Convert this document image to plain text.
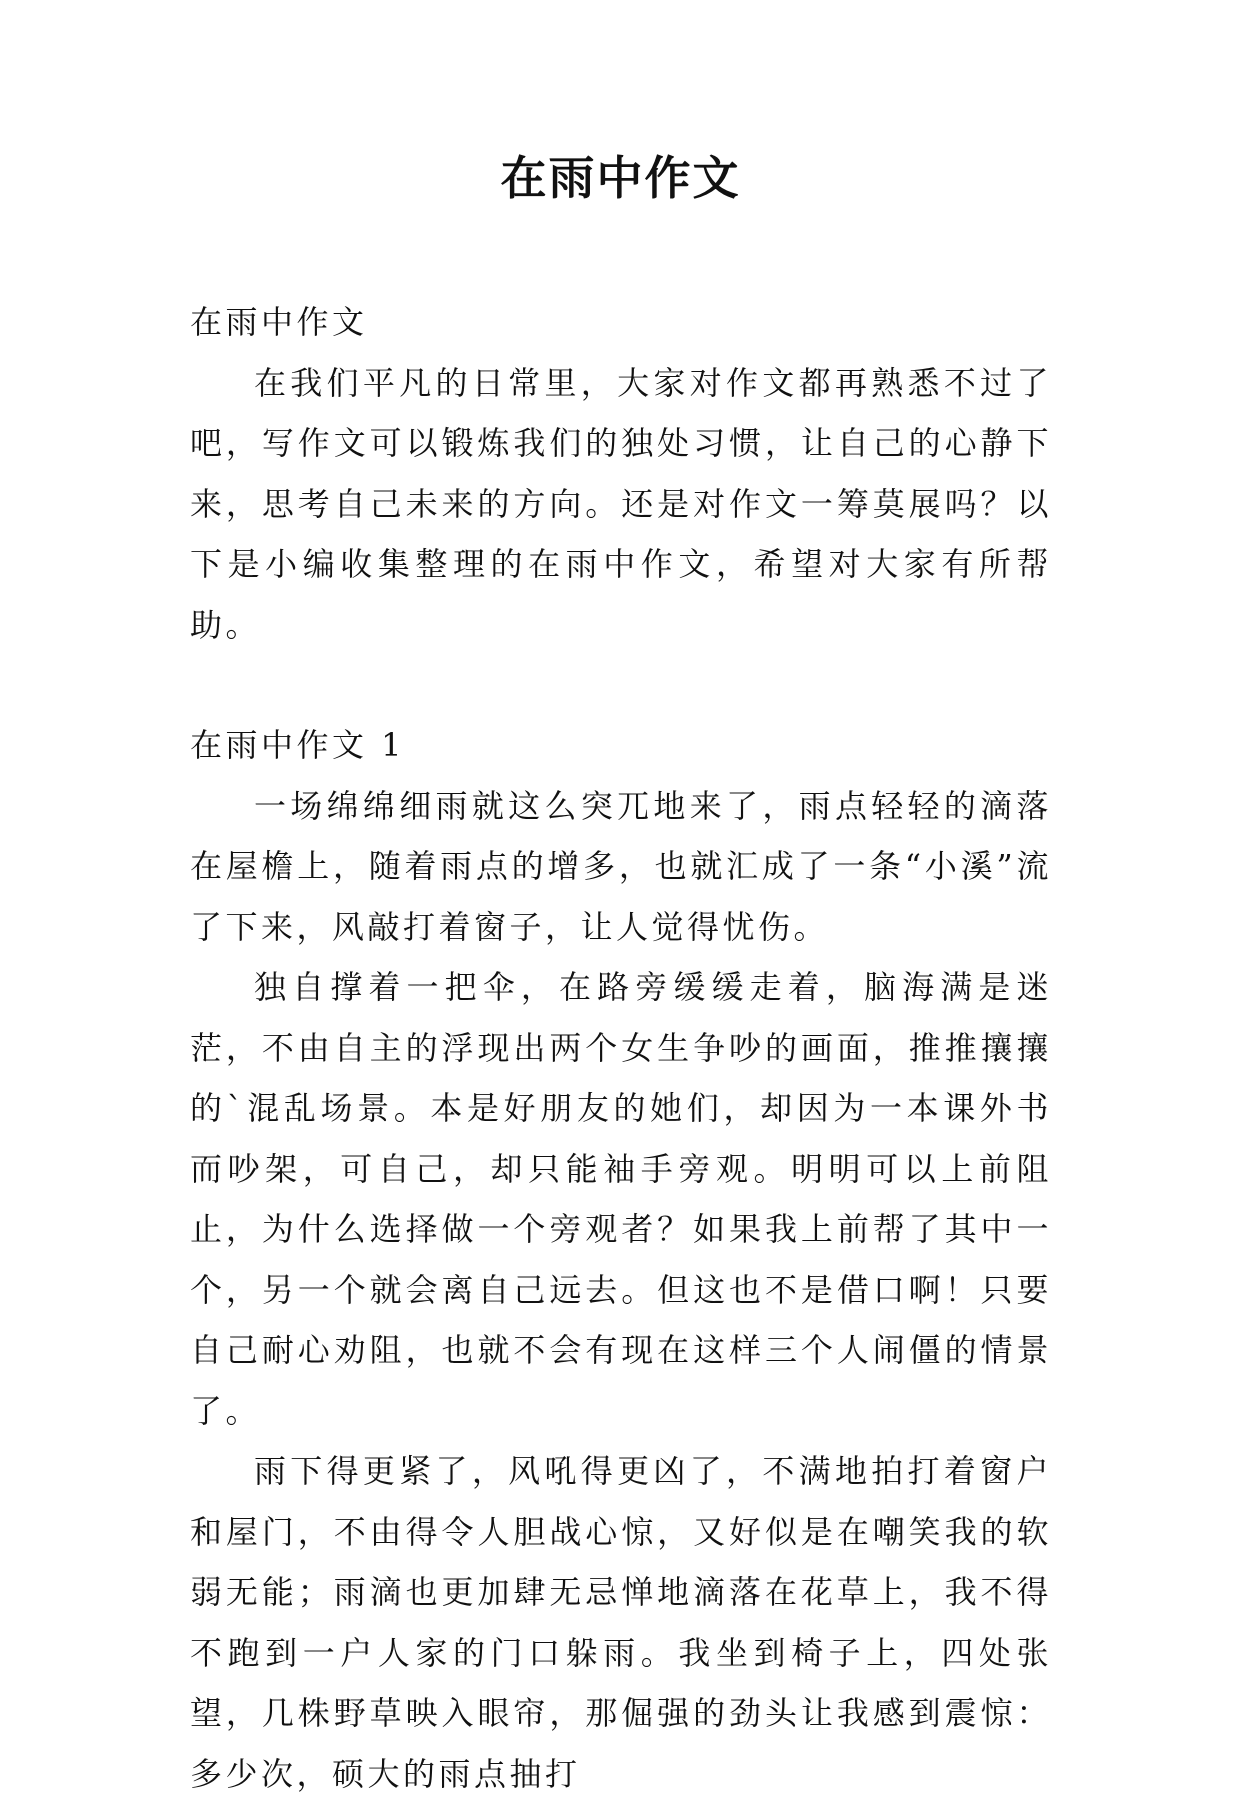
在雨中作文

在雨中作文

在我们平凡的日常里，大家对作文都再熟悉不过了吧，写作文可以锻炼我们的独处习惯，让自己的心静下来，思考自己未来的方向。还是对作文一筹莫展吗？以下是小编收集整理的在雨中作文，希望对大家有所帮助。

在雨中作文 1

一场绵绵细雨就这么突兀地来了，雨点轻轻的滴落在屋檐上，随着雨点的增多，也就汇成了一条“小溪”流了下来，风敲打着窗子，让人觉得忧伤。

独自撑着一把伞，在路旁缓缓走着，脑海满是迷茫，不由自主的浮现出两个女生争吵的画面，推推攘攘的`混乱场景。本是好朋友的她们，却因为一本课外书而吵架，可自己，却只能袖手旁观。明明可以上前阻止，为什么选择做一个旁观者？如果我上前帮了其中一个，另一个就会离自己远去。但这也不是借口啊！只要自己耐心劝阻，也就不会有现在这样三个人闹僵的情景了。

雨下得更紧了，风吼得更凶了，不满地拍打着窗户和屋门，不由得令人胆战心惊，又好似是在嘲笑我的软弱无能；雨滴也更加肆无忌惮地滴落在花草上，我不得不跑到一户人家的门口躲雨。我坐到椅子上，四处张望，几株野草映入眼帘，那倔强的劲头让我感到震惊：多少次，硕大的雨点抽打
